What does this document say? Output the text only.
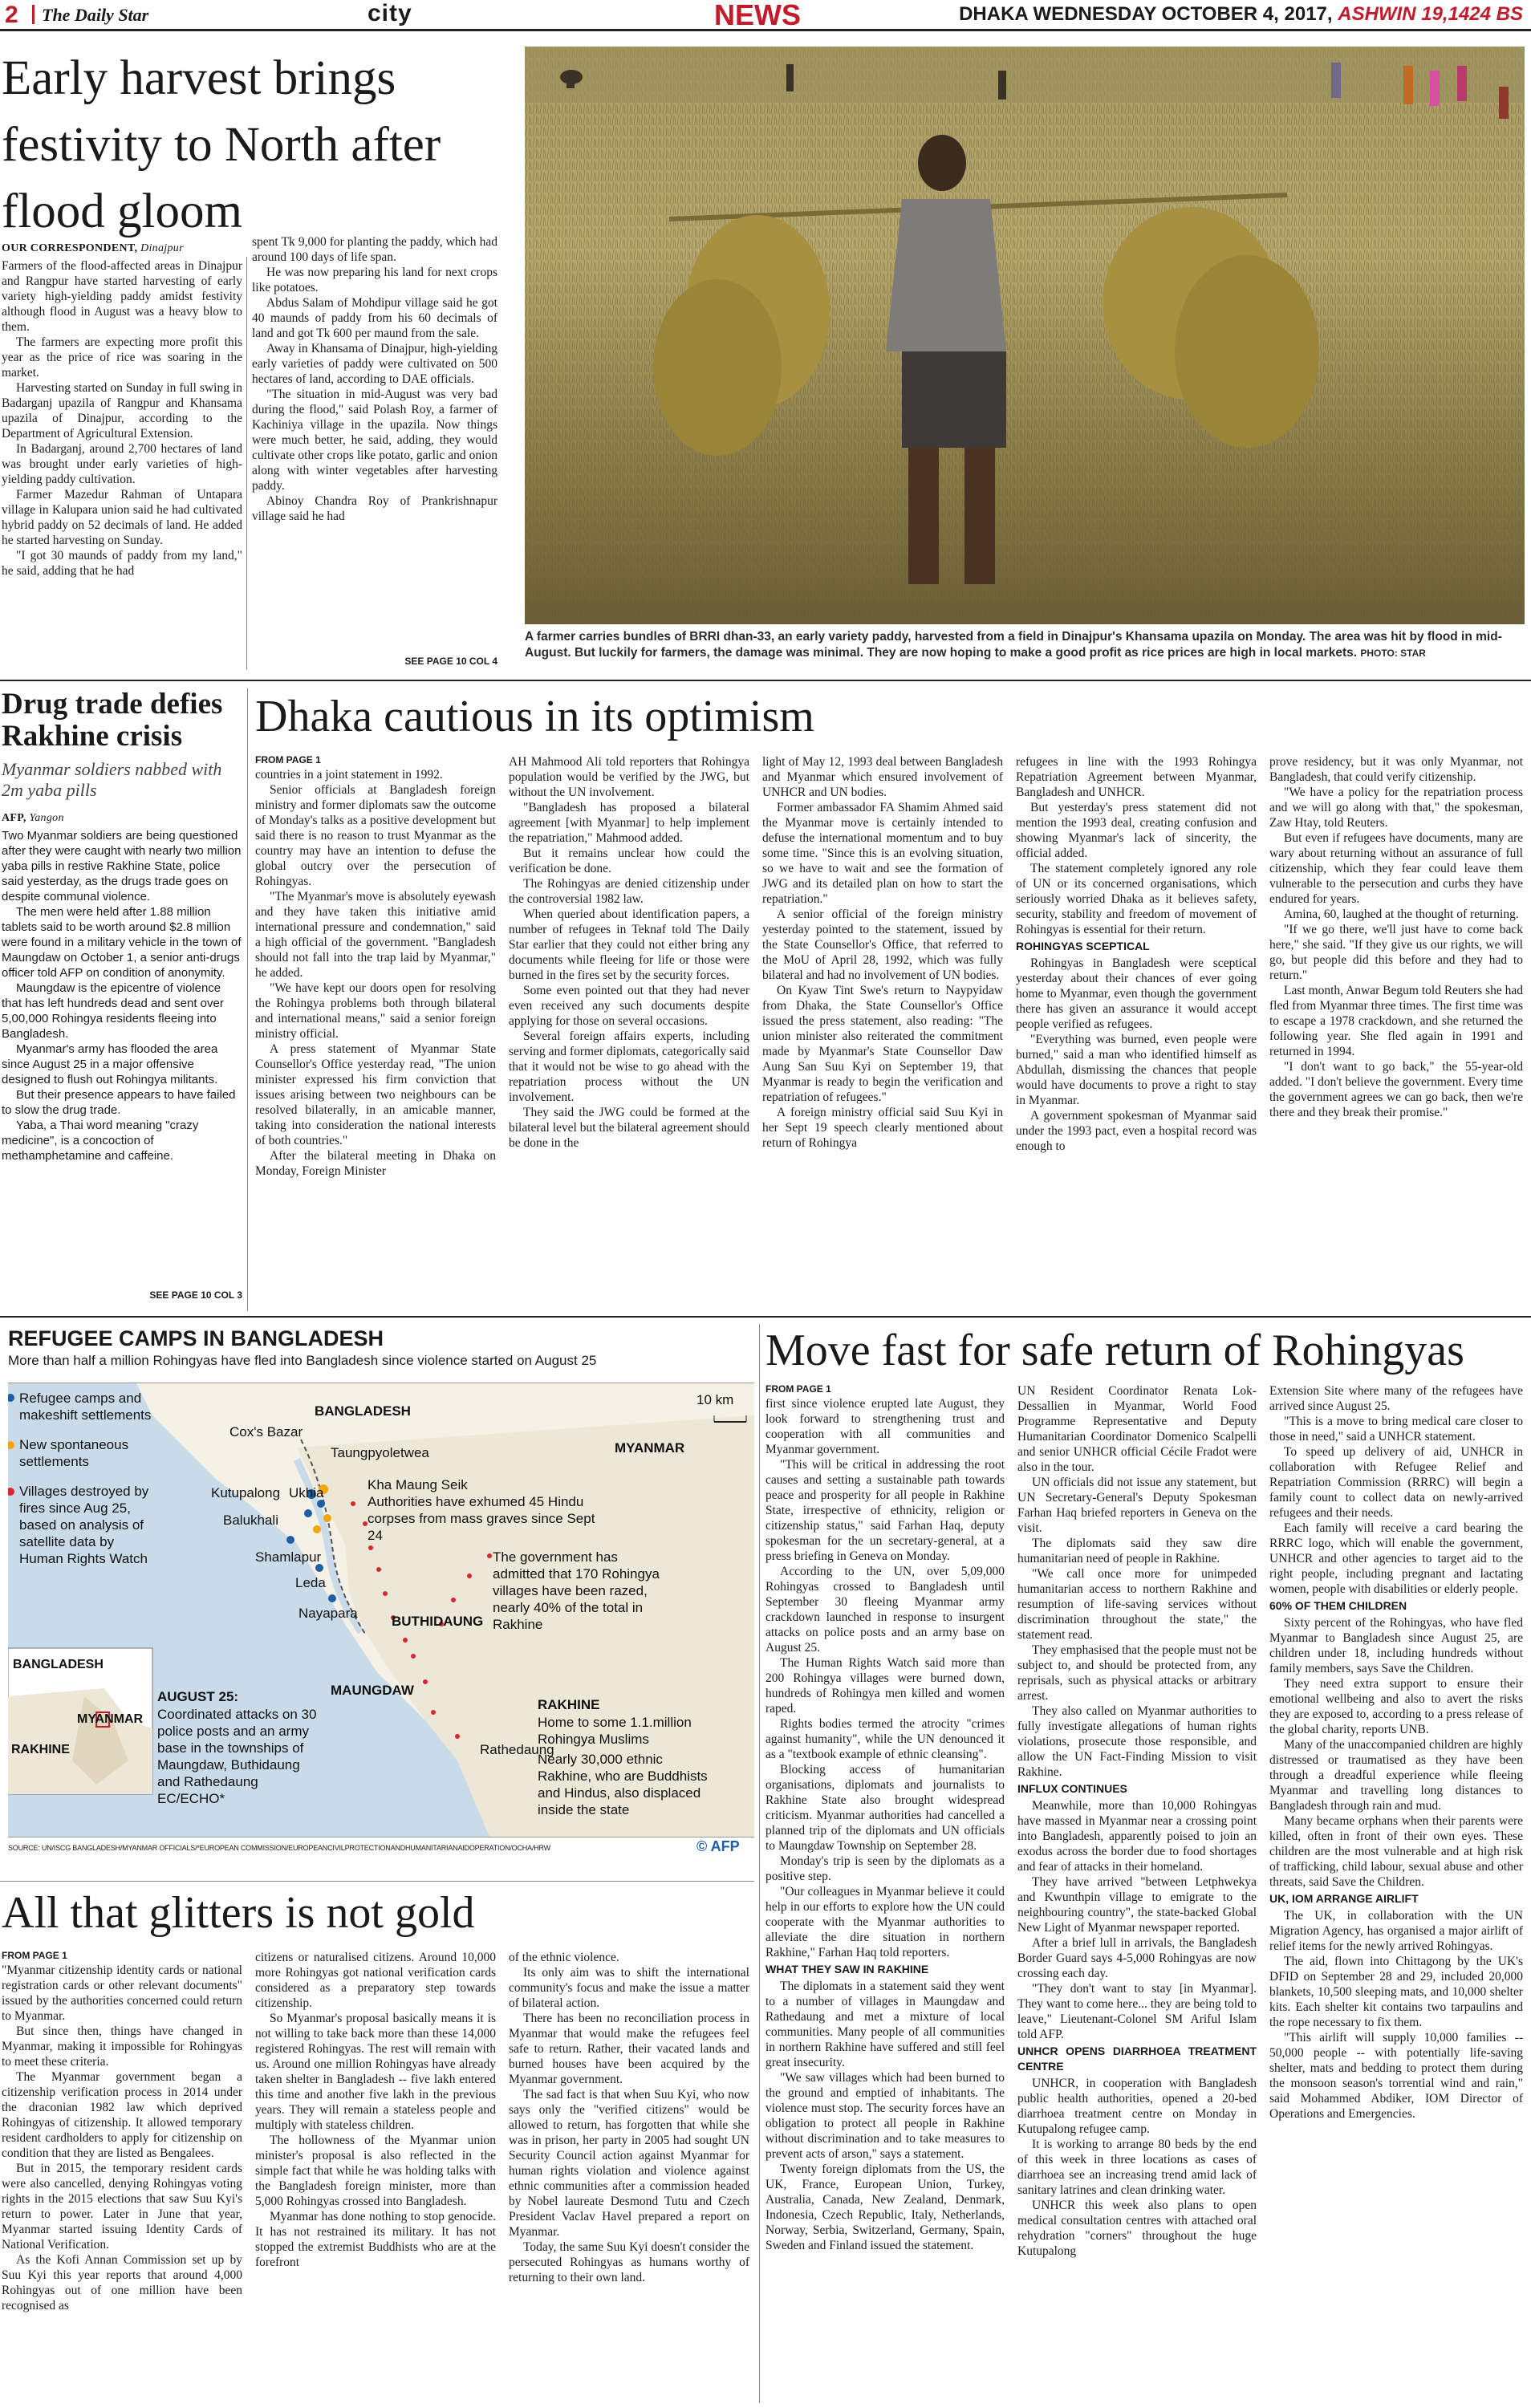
2 The Daily Star	city	NEWS	DHAKA WEDNESDAY OCTOBER 4, 2017, ASHWIN 19,1424 BS
Early harvest brings festivity to North after flood gloom
OUR CORRESPONDENT, Dinajpur

Farmers of the flood-affected areas in Dinajpur and Rangpur have started harvesting of early variety high-yielding paddy amidst festivity although flood in August was a heavy blow to them.

The farmers are expecting more profit this year as the price of rice was soaring in the market.

Harvesting started on Sunday in full swing in Badarganj upazila of Rangpur and Khansama upazila of Dinajpur, according to the Department of Agricultural Extension.

In Badarganj, around 2,700 hectares of land was brought under early varieties of high-yielding paddy cultivation.

Farmer Mazedur Rahman of Untapara village in Kalupara union said he had cultivated hybrid paddy on 52 decimals of land. He added he started harvesting on Sunday.

"I got 30 maunds of paddy from my land," he said, adding that he had

spent Tk 9,000 for planting the paddy, which had around 100 days of life span.

He was now preparing his land for next crops like potatoes.

Abdus Salam of Mohdipur village said he got 40 maunds of paddy from his 60 decimals of land and got Tk 600 per maund from the sale.

Away in Khansama of Dinajpur, high-yielding early varieties of paddy were cultivated on 500 hectares of land, according to DAE officials.

"The situation in mid-August was very bad during the flood," said Polash Roy, a farmer of Kachiniya village in the upazila. Now things were much better, he said, adding, they would cultivate other crops like potato, garlic and onion along with winter vegetables after harvesting paddy.

Abinoy Chandra Roy of Prankrishnapur village said he had

SEE PAGE 10 COL 4
A farmer carries bundles of BRRI dhan-33, an early variety paddy, harvested from a field in Dinajpur's Khansama upazila on Monday. The area was hit by flood in mid-August. But luckily for farmers, the damage was minimal. They are now hoping to make a good profit as rice prices are high in local markets. PHOTO: STAR
Drug trade defies Rakhine crisis
Myanmar soldiers nabbed with 2m yaba pills
AFP, Yangon

Two Myanmar soldiers are being questioned after they were caught with nearly two million yaba pills in restive Rakhine State, police said yesterday, as the drugs trade goes on despite communal violence.

The men were held after 1.88 million tablets said to be worth around $2.8 million were found in a military vehicle in the town of Maungdaw on October 1, a senior anti-drugs officer told AFP on condition of anonymity.

Maungdaw is the epicentre of violence that has left hundreds dead and sent over 5,00,000 Rohingya residents fleeing into Bangladesh.

Myanmar's army has flooded the area since August 25 in a major offensive designed to flush out Rohingya militants.

But their presence appears to have failed to slow the drug trade.

Yaba, a Thai word meaning "crazy medicine", is a concoction of methamphetamine and caffeine.

SEE PAGE 10 COL 3
Dhaka cautious in its optimism
FROM PAGE 1

countries in a joint statement in 1992.

Senior officials at Bangladesh foreign ministry and former diplomats saw the outcome of Monday's talks as a positive development but said there is no reason to trust Myanmar as the country may have an intention to defuse the global outcry over the persecution of Rohingyas.

"The Myanmar's move is absolutely eyewash and they have taken this initiative amid international pressure and condemnation," said a high official of the government. "Bangladesh should not fall into the trap laid by Myanmar," he added.

"We have kept our doors open for resolving the Rohingya problems both through bilateral and international means," said a senior foreign ministry official.

A press statement of Myanmar State Counsellor's Office yesterday read, "The union minister expressed his firm conviction that issues arising between two neighbours can be resolved bilaterally, in an amicable manner, taking into consideration the national interests of both countries."

After the bilateral meeting in Dhaka on Monday, Foreign Minister

AH Mahmood Ali told reporters that Rohingya population would be verified by the JWG, but without the UN involvement.

"Bangladesh has proposed a bilateral agreement [with Myanmar] to help implement the repatriation," Mahmood added.

But it remains unclear how could the verification be done.

The Rohingyas are denied citizenship under the controversial 1982 law.

When queried about identification papers, a number of refugees in Teknaf told The Daily Star earlier that they could not either bring any documents while fleeing for life or those were burned in the fires set by the security forces.

Some even pointed out that they had never even received any such documents despite applying for those on several occasions.

Several foreign affairs experts, including serving and former diplomats, categorically said that it would not be wise to go ahead with the repatriation process without the UN involvement.

They said the JWG could be formed at the bilateral level but the bilateral agreement should be done in the

light of May 12, 1993 deal between Bangladesh and Myanmar which ensured involvement of UNHCR and UN bodies.

Former ambassador FA Shamim Ahmed said the Myanmar move is certainly intended to defuse the international momentum and to buy some time. "Since this is an evolving situation, so we have to wait and see the formation of JWG and its detailed plan on how to start the repatriation."

A senior official of the foreign ministry yesterday pointed to the statement, issued by the State Counsellor's Office, that referred to the MoU of April 28, 1992, which was fully bilateral and had no involvement of UN bodies.

On Kyaw Tint Swe's return to Naypyidaw from Dhaka, the State Counsellor's Office issued the press statement, also reading: "The union minister also reiterated the commitment made by Myanmar's State Counsellor Daw Aung San Suu Kyi on September 19, that Myanmar is ready to begin the verification and repatriation of refugees."

A foreign ministry official said Suu Kyi in her Sept 19 speech clearly mentioned about return of Rohingya

refugees in line with the 1993 Rohingya Repatriation Agreement between Myanmar, Bangladesh and UNHCR.

But yesterday's press statement did not mention the 1993 deal, creating confusion and showing Myanmar's lack of sincerity, the official added.

The statement completely ignored any role of UN or its concerned organisations, which seriously worried Dhaka as it believes safety, security, stability and freedom of movement of Rohingyas is essential for their return.

ROHINGYAS SCEPTICAL

Rohingyas in Bangladesh were sceptical yesterday about their chances of ever going home to Myanmar, even though the government there has given an assurance it would accept people verified as refugees.

"Everything was burned, even people were burned," said a man who identified himself as Abdullah, dismissing the chances that people would have documents to prove a right to stay in Myanmar.

A government spokesman of Myanmar said under the 1993 pact, even a hospital record was enough to

prove residency, but it was only Myanmar, not Bangladesh, that could verify citizenship.

"We have a policy for the repatriation process and we will go along with that," the spokesman, Zaw Htay, told Reuters.

But even if refugees have documents, many are wary about returning without an assurance of full citizenship, which they fear could leave them vulnerable to the persecution and curbs they have endured for years.

Amina, 60, laughed at the thought of returning.

"If we go there, we'll just have to come back here," she said. "If they give us our rights, we will go, but people did this before and they had to return."

Last month, Anwar Begum told Reuters she had fled from Myanmar three times. The first time was to escape a 1978 crackdown, and she returned the following year. She fled again in 1991 and returned in 1994.

"I don't want to go back," the 55-year-old added. "I don't believe the government. Every time the government agrees we can go back, then we're there and they break their promise."

REFUGEE CAMPS IN BANGLADESH
More than half a million Rohingyas have fled into Bangladesh since violence started on August 25
Refugee camps and makeshift settlements
New spontaneous settlements
Villages destroyed by fires since Aug 25, based on analysis of satellite data by Human Rights Watch
10 km
BANGLADESH
MYANMAR
Cox's Bazar
Taungpyoletwea
Kha Maung Seik
Authorities have exhumed 45 Hindu corpses from mass graves since Sept 24
Kutupalong Ukhia
Balukhali
Shamlapur
Leda
Nayapara
BUTHIDAUNG
MAUNGDAW
Rathedaung
The government has admitted that 170 Rohingya villages have been razed, nearly 40% of the total in Rakhine
AUGUST 25:
Coordinated attacks on 30 police posts and an army base in the townships of Maungdaw, Buthidaung and Rathedaung EC/ECHO*
RAKHINE
Home to some 1.1.million Rohingya Muslims
Nearly 30,000 ethnic Rakhine, who are Buddhists and Hindus, also displaced inside the state
BANGLADESH
MYANMAR
RAKHINE
SOURCE: UN/ISCG BANGLADESH/MYANMAR OFFICIALS/*EUROPEAN COMMISSION/EUROPEANCIVILPROTECTIONANDHUMANITARIANAIDOPERATION/OCHA/HRW	© AFP
All that glitters is not gold
FROM PAGE 1

"Myanmar citizenship identity cards or national registration cards or other relevant documents" issued by the authorities concerned could return to Myanmar.

But since then, things have changed in Myanmar, making it impossible for Rohingyas to meet these criteria.

The Myanmar government began a citizenship verification process in 2014 under the draconian 1982 law which deprived Rohingyas of citizenship. It allowed temporary resident cardholders to apply for citizenship on condition that they are listed as Bengalees.

But in 2015, the temporary resident cards were also cancelled, denying Rohingyas voting rights in the 2015 elections that saw Suu Kyi's return to power. Later in June that year, Myanmar started issuing Identity Cards of National Verification.

As the Kofi Annan Commission set up by Suu Kyi this year reports that around 4,000 Rohingyas out of one million have been recognised as

citizens or naturalised citizens. Around 10,000 more Rohingyas got national verification cards considered as a preparatory step towards citizenship.

So Myanmar's proposal basically means it is not willing to take back more than these 14,000 registered Rohingyas. The rest will remain with us. Around one million Rohingyas have already taken shelter in Bangladesh -- five lakh entered this time and another five lakh in the previous years. They will remain a stateless people and multiply with stateless children.

The hollowness of the Myanmar union minister's proposal is also reflected in the simple fact that while he was holding talks with the Bangladesh foreign minister, more than 5,000 Rohingyas crossed into Bangladesh.

Myanmar has done nothing to stop genocide. It has not restrained its military. It has not stopped the extremist Buddhists who are at the forefront

of the ethnic violence.

Its only aim was to shift the international community's focus and make the issue a matter of bilateral action.

There has been no reconciliation process in Myanmar that would make the refugees feel safe to return. Rather, their vacated lands and burned houses have been acquired by the Myanmar government.

The sad fact is that when Suu Kyi, who now says only the "verified citizens" would be allowed to return, has forgotten that while she was in prison, her party in 2005 had sought UN Security Council action against Myanmar for human rights violation and violence against ethnic communities after a commission headed by Nobel laureate Desmond Tutu and Czech President Vaclav Havel prepared a report on Myanmar.

Today, the same Suu Kyi doesn't consider the persecuted Rohingyas as humans worthy of returning to their own land.

Move fast for safe return of Rohingyas
FROM PAGE 1

first since violence erupted late August, they look forward to strengthening trust and cooperation with all communities and Myanmar government.

"This will be critical in addressing the root causes and setting a sustainable path towards peace and prosperity for all people in Rakhine State, irrespective of ethnicity, religion or citizenship status," said Farhan Haq, deputy spokesman for the un secretary-general, at a press briefing in Geneva on Monday.

According to the UN, over 5,09,000 Rohingyas crossed to Bangladesh until September 30 fleeing Myanmar army crackdown launched in response to insurgent attacks on police posts and an army base on August 25.

The Human Rights Watch said more than 200 Rohingya villages were burned down, hundreds of Rohingya men killed and women raped.

Rights bodies termed the atrocity "crimes against humanity", while the UN denounced it as a "textbook example of ethnic cleansing".

Blocking access of humanitarian organisations, diplomats and journalists to Rakhine State also brought widespread criticism. Myanmar authorities had cancelled a planned trip of the diplomats and UN officials to Maungdaw Township on September 28.

Monday's trip is seen by the diplomats as a positive step.

"Our colleagues in Myanmar believe it could help in our efforts to explore how the UN could cooperate with the Myanmar authorities to alleviate the dire situation in northern Rakhine," Farhan Haq told reporters.

WHAT THEY SAW IN RAKHINE

The diplomats in a statement said they went to a number of villages in Maungdaw and Rathedaung and met a mixture of local communities. Many people of all communities in northern Rakhine have suffered and still feel great insecurity.

"We saw villages which had been burned to the ground and emptied of inhabitants. The violence must stop. The security forces have an obligation to protect all people in Rakhine without discrimination and to take measures to prevent acts of arson," says a statement.

Twenty foreign diplomats from the US, the UK, France, European Union, Turkey, Australia, Canada, New Zealand, Denmark, Indonesia, Czech Republic, Italy, Netherlands, Norway, Serbia, Switzerland, Germany, Spain, Sweden and Finland issued the statement.

UN Resident Coordinator Renata Lok-Dessallien in Myanmar, World Food Programme Representative and Deputy Humanitarian Coordinator Domenico Scalpelli and senior UNHCR official Cécile Fradot were also in the tour.

UN officials did not issue any statement, but UN Secretary-General's Deputy Spokesman Farhan Haq briefed reporters in Geneva on the visit.

The diplomats said they saw dire humanitarian need of people in Rakhine.

"We call once more for unimpeded humanitarian access to northern Rakhine and resumption of life-saving services without discrimination throughout the state," the statement read.

They emphasised that the people must not be subject to, and should be protected from, any reprisals, such as physical attacks or arbitrary arrest.

They also called on Myanmar authorities to fully investigate allegations of human rights violations, prosecute those responsible, and allow the UN Fact-Finding Mission to visit Rakhine.

INFLUX CONTINUES

Meanwhile, more than 10,000 Rohingyas have massed in Myanmar near a crossing point into Bangladesh, apparently poised to join an exodus across the border due to food shortages and fear of attacks in their homeland.

They have arrived "between Letphwekya and Kwunthpin village to emigrate to the neighbouring country", the state-backed Global New Light of Myanmar newspaper reported.

After a brief lull in arrivals, the Bangladesh Border Guard says 4-5,000 Rohingyas are now crossing each day.

"They don't want to stay [in Myanmar]. They want to come here... they are being told to leave," Lieutenant-Colonel SM Ariful Islam told AFP.

UNHCR OPENS DIARRHOEA TREATMENT CENTRE

UNHCR, in cooperation with Bangladesh public health authorities, opened a 20-bed diarrhoea treatment centre on Monday in Kutupalong refugee camp.

It is working to arrange 80 beds by the end of this week in three locations as cases of diarrhoea see an increasing trend amid lack of sanitary latrines and clean drinking water.

UNHCR this week also plans to open medical consultation centres with attached oral rehydration "corners" throughout the huge Kutupalong

Extension Site where many of the refugees have arrived since August 25.

"This is a move to bring medical care closer to those in need," said a UNHCR statement.

To speed up delivery of aid, UNHCR in collaboration with Refugee Relief and Repatriation Commission (RRRC) will begin a family count to collect data on newly-arrived refugees and their needs.

Each family will receive a card bearing the RRRC logo, which will enable the government, UNHCR and other agencies to target aid to the right people, including pregnant and lactating women, people with disabilities or elderly people.

60% OF THEM CHILDREN

Sixty percent of the Rohingyas, who have fled Myanmar to Bangladesh since August 25, are children under 18, including hundreds without family members, says Save the Children.

They need extra support to ensure their emotional wellbeing and also to avert the risks they are exposed to, according to a press release of the global charity, reports UNB.

Many of the unaccompanied children are highly distressed or traumatised as they have been through a dreadful experience while fleeing Myanmar and travelling long distances to Bangladesh through rain and mud.

Many became orphans when their parents were killed, often in front of their own eyes. These children are the most vulnerable and at high risk of trafficking, child labour, sexual abuse and other threats, said Save the Children.

UK, IOM ARRANGE AIRLIFT

The UK, in collaboration with the UN Migration Agency, has organised a major airlift of relief items for the newly arrived Rohingyas.

The aid, flown into Chittagong by the UK's DFID on September 28 and 29, included 20,000 blankets, 10,500 sleeping mats, and 10,000 shelter kits. Each shelter kit contains two tarpaulins and the rope necessary to fix them.

"This airlift will supply 10,000 families -- 50,000 people -- with potentially life-saving shelter, mats and bedding to protect them during the monsoon season's torrential wind and rain," said Mohammed Abdiker, IOM Director of Operations and Emergencies.
